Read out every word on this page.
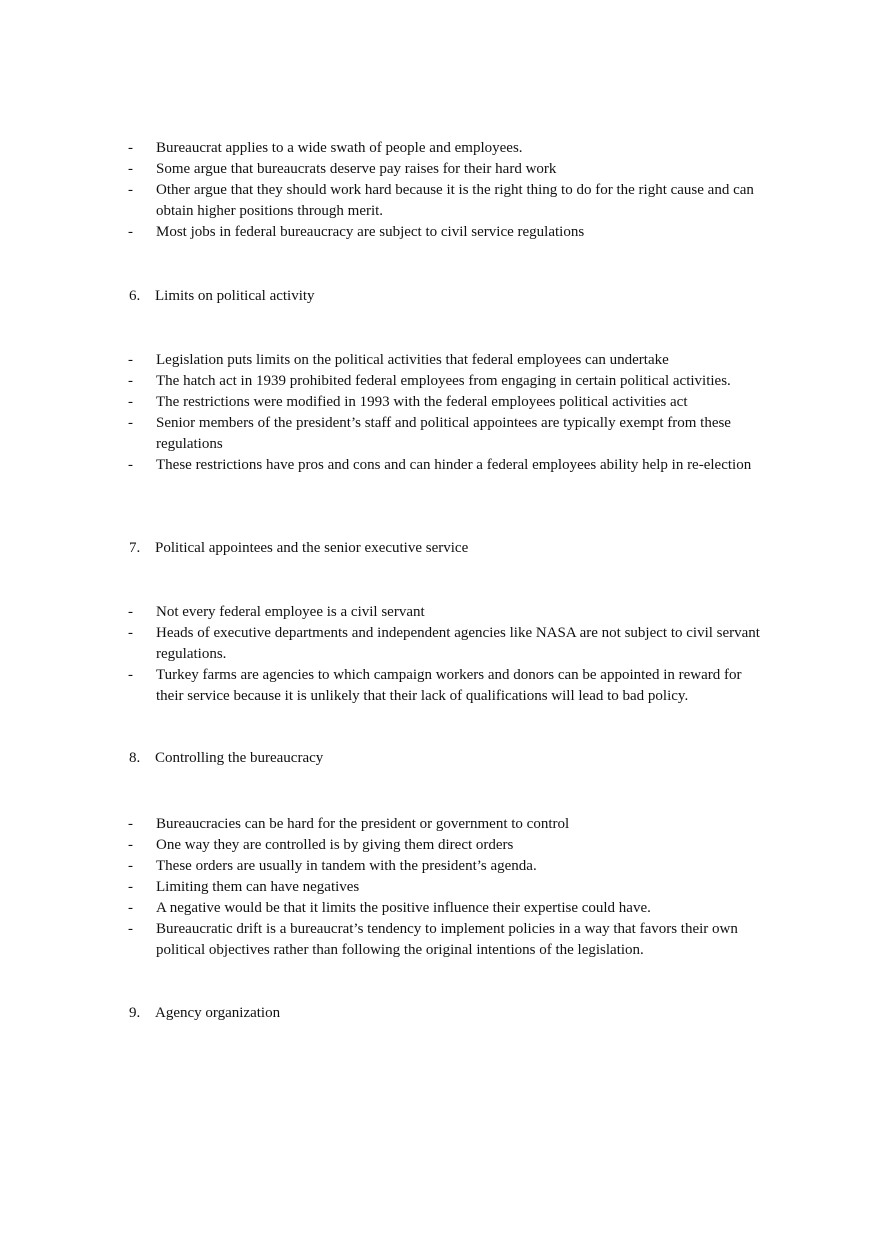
- Bureaucrat applies to a wide swath of people and employees.
- Some argue that bureaucrats deserve pay raises for their hard work
- Other argue that they should work hard because it is the right thing to do for the right cause and can obtain higher positions through merit.
- Most jobs in federal bureaucracy are subject to civil service regulations
6. Limits on political activity
- Legislation puts limits on the political activities that federal employees can undertake
- The hatch act in 1939 prohibited federal employees from engaging in certain political activities.
- The restrictions were modified in 1993 with the federal employees political activities act
- Senior members of the president’s staff and political appointees are typically exempt from these regulations
- These restrictions have pros and cons and can hinder a federal employees ability help in re-election
7. Political appointees and the senior executive service
- Not every federal employee is a civil servant
- Heads of executive departments and independent agencies like NASA are not subject to civil servant regulations.
- Turkey farms are agencies to which campaign workers and donors can be appointed in reward for their service because it is unlikely that their lack of qualifications will lead to bad policy.
8. Controlling the bureaucracy
- Bureaucracies can be hard for the president or government to control
- One way they are controlled is by giving them direct orders
- These orders are usually in tandem with the president’s agenda.
- Limiting them can have negatives
- A negative would be that it limits the positive influence their expertise could have.
- Bureaucratic drift is a bureaucrat’s tendency to implement policies in a way that favors their own political objectives rather than following the original intentions of the legislation.
9. Agency organization
